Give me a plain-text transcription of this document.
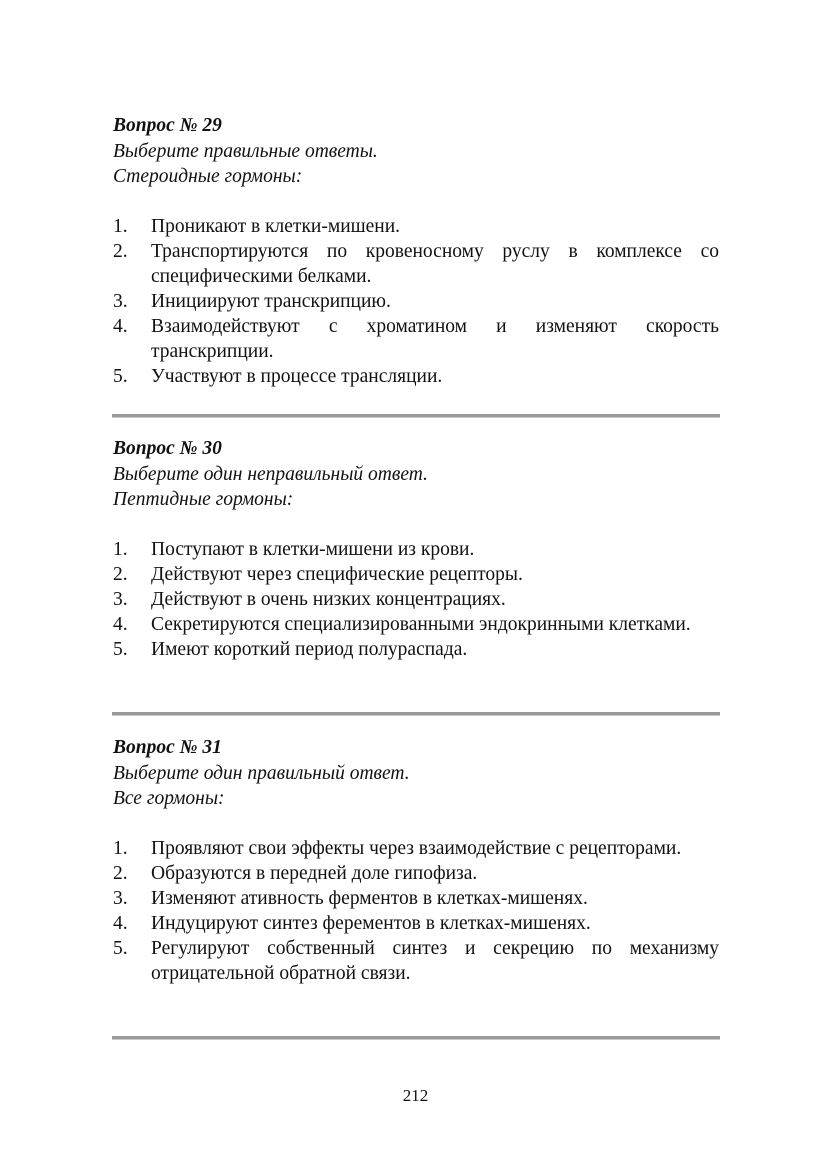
Вопрос № 29
Выберите правильные ответы.
Стероидные гормоны:
1.	Проникают в клетки-мишени.
2.	Транспортируются по кровеносному руслу в комплексе со специфическими белками.
3.	Инициируют транскрипцию.
4.	Взаимодействуют с хроматином и изменяют скорость транскрипции.
5.	Участвуют в процессе трансляции.
Вопрос № 30
Выберите один неправильный ответ.
Пептидные гормоны:
1.	Поступают в клетки-мишени из крови.
2.	Действуют через специфические рецепторы.
3.	Действуют в очень низких концентрациях.
4.	Секретируются специализированными эндокринными клетками.
5.	Имеют короткий период полураспада.
Вопрос № 31
Выберите один правильный ответ.
Все гормоны:
1.	Проявляют свои эффекты через взаимодействие с рецепторами.
2.	Образуются в передней доле гипофиза.
3.	Изменяют ативность ферментов в клетках-мишенях.
4.	Индуцируют синтез ферементов в клетках-мишенях.
5.	Регулируют собственный синтез и секрецию по механизму отрицательной обратной связи.
212
